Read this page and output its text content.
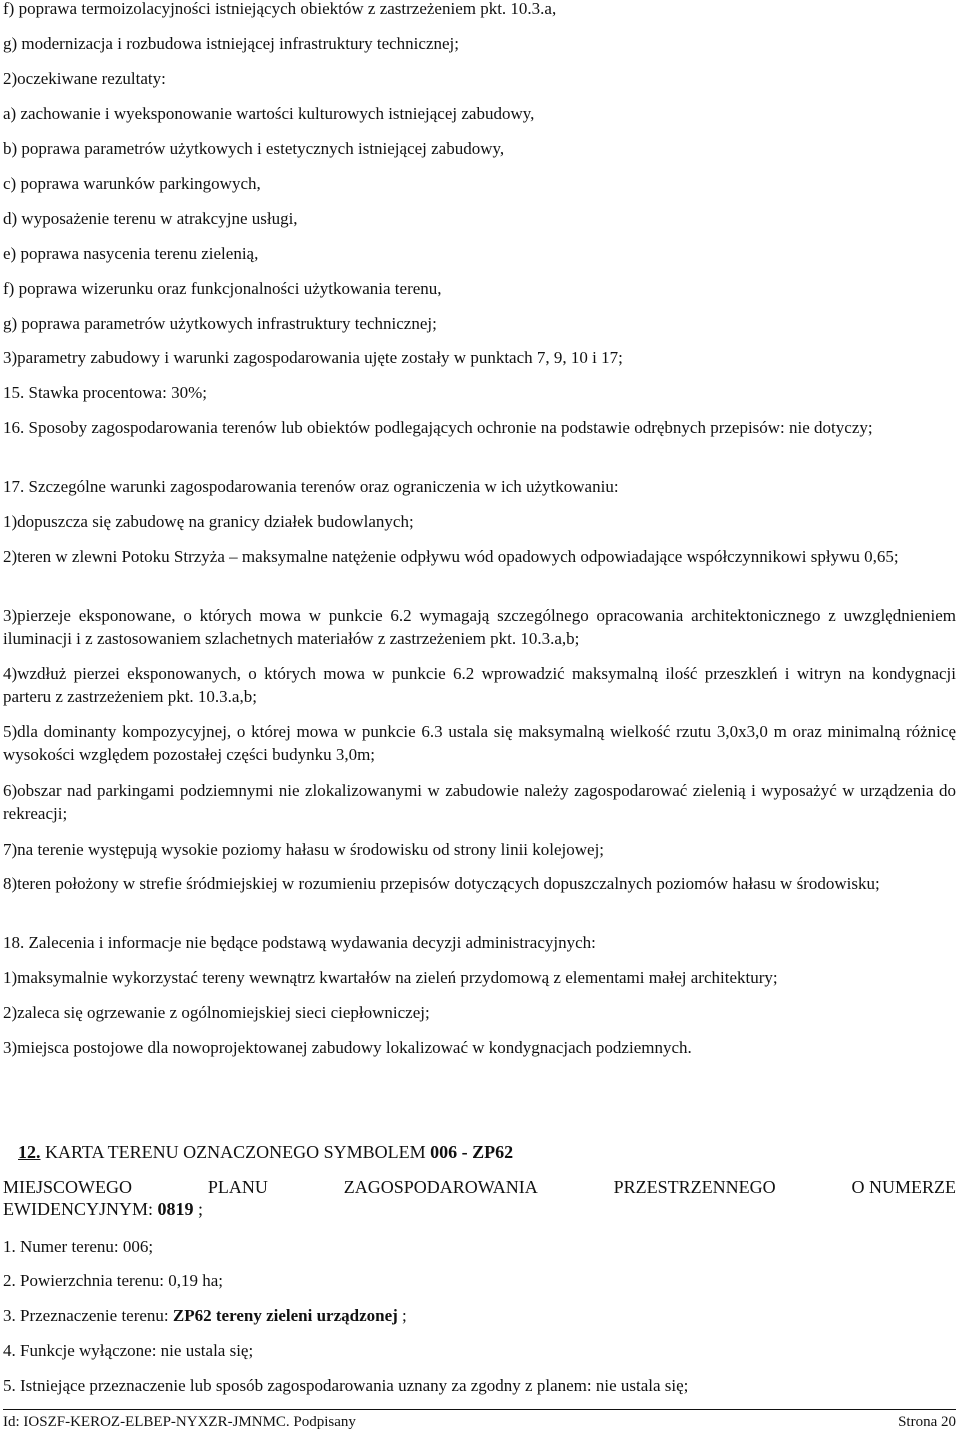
f) poprawa termoizolacyjności istniejących obiektów z zastrzeżeniem pkt. 10.3.a,
g) modernizacja i rozbudowa istniejącej infrastruktury technicznej;
2)oczekiwane rezultaty:
a) zachowanie i wyeksponowanie wartości kulturowych istniejącej zabudowy,
b) poprawa parametrów użytkowych i estetycznych istniejącej zabudowy,
c) poprawa warunków parkingowych,
d) wyposażenie terenu w atrakcyjne usługi,
e) poprawa nasycenia terenu zielenią,
f) poprawa wizerunku oraz funkcjonalności użytkowania terenu,
g) poprawa parametrów użytkowych infrastruktury technicznej;
3)parametry zabudowy i warunki zagospodarowania ujęte zostały w punktach 7, 9, 10 i 17;
15. Stawka procentowa: 30%;
16. Sposoby zagospodarowania terenów lub obiektów podlegających ochronie na podstawie odrębnych przepisów: nie dotyczy;
17. Szczególne warunki zagospodarowania terenów oraz ograniczenia w ich użytkowaniu:
1)dopuszcza się zabudowę na granicy działek budowlanych;
2)teren w zlewni Potoku Strzyża – maksymalne natężenie odpływu wód opadowych odpowiadające współczynnikowi spływu 0,65;
3)pierzeje eksponowane, o których mowa w punkcie 6.2 wymagają szczególnego opracowania architektonicznego z uwzględnieniem iluminacji i z zastosowaniem szlachetnych materiałów z zastrzeżeniem pkt. 10.3.a,b;
4)wzdłuż pierzei eksponowanych, o których mowa w punkcie 6.2 wprowadzić maksymalną ilość przeszkleń i witryn na kondygnacji parteru z zastrzeżeniem pkt. 10.3.a,b;
5)dla dominanty kompozycyjnej, o której mowa w punkcie 6.3 ustala się maksymalną wielkość rzutu 3,0x3,0 m oraz minimalną różnicę wysokości względem pozostałej części budynku 3,0m;
6)obszar nad parkingami podziemnymi nie zlokalizowanymi w zabudowie należy zagospodarować zielenią i wyposażyć w urządzenia do rekreacji;
7)na terenie występują wysokie poziomy hałasu w środowisku od strony linii kolejowej;
8)teren położony w strefie śródmiejskiej w rozumieniu przepisów dotyczących dopuszczalnych poziomów hałasu w środowisku;
18. Zalecenia i informacje nie będące podstawą wydawania decyzji administracyjnych:
1)maksymalnie wykorzystać tereny wewnątrz kwartałów na zieleń przydomową z elementami małej architektury;
2)zaleca się ogrzewanie z ogólnomiejskiej sieci ciepłowniczej;
3)miejsca postojowe dla nowoprojektowanej zabudowy lokalizować w kondygnacjach podziemnych.
12. KARTA TERENU OZNACZONEGO SYMBOLEM 006 - ZP62
MIEJSCOWEGO	PLANU	ZAGOSPODAROWANIA	PRZESTRZENNEGO	O NUMERZE
EWIDENCYJNYM: 0819 ;
1. Numer terenu: 006;
2. Powierzchnia terenu: 0,19 ha;
3. Przeznaczenie terenu: ZP62 tereny zieleni urządzonej ;
4. Funkcje wyłączone: nie ustala się;
5. Istniejące przeznaczenie lub sposób zagospodarowania uznany za zgodny z planem: nie ustala się;
Id: IOSZF-KEROZ-ELBEP-NYXZR-JMNMC. Podpisany	Strona 20
